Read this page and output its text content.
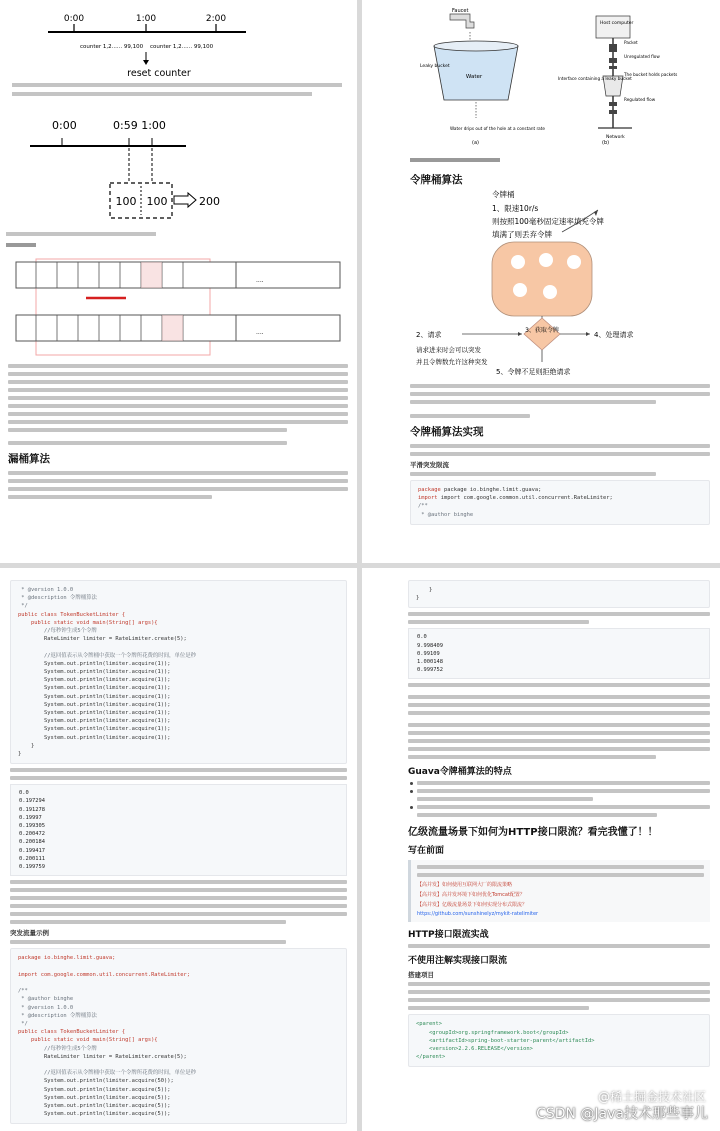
0:00	1:00	2:00
counter 1,2...... 99,100 counter 1,2...... 99,100
reset counter
0:00	0:59 1:00
100 100	200
....
....
漏桶算法
Faucet
Water
Leaky bucket
Water drips out of the hole at a constant rate
(a)
Host computer
Packet
Unregulated flow
The bucket holds packets
Regulated flow
Interface containing a leaky bucket
Network
(b)
令牌桶
1、限速10r/s
则按照100毫秒固定速率填充令牌
填满了则丢弃令牌
3、获取令牌
2、请求
请求进来时会可以突发
并且令牌数允许这种突发
4、处理请求
5、令牌不足则拒绝请求
令牌桶算法
令牌桶算法实现
平滑突发限流
package package io.binghe.limit.guava;
import import com.google.common.util.concurrent.RateLimiter;
/**
* @author binghe
* @version 1.0.0
* @description 令牌桶算法
*/
public class TokenBucketLimiter {
public static void main(String[] args){
//每秒钟生成5个令牌
RateLimiter limiter = RateLimiter.create(5);

//返回值表示从令牌桶中获取一个令牌所花费的时间，单位是秒
System.out.println(limiter.acquire(1));
System.out.println(limiter.acquire(1));
System.out.println(limiter.acquire(1));
System.out.println(limiter.acquire(1));
System.out.println(limiter.acquire(1));
System.out.println(limiter.acquire(1));
System.out.println(limiter.acquire(1));
System.out.println(limiter.acquire(1));
System.out.println(limiter.acquire(1));
System.out.println(limiter.acquire(1));
}
}
0.0
0.197294
0.191278
0.19997
0.199305
0.200472
0.200184
0.199417
0.200111
0.199759
突发流量示例
package io.binghe.limit.guava;

import com.google.common.util.concurrent.RateLimiter;

/**
* @author binghe
* @version 1.0.0
* @description 令牌桶算法
*/
public class TokenBucketLimiter {
public static void main(String[] args){
//每秒钟生成5个令牌
RateLimiter limiter = RateLimiter.create(5);

//返回值表示从令牌桶中获取一个令牌所花费的时间，单位是秒
System.out.println(limiter.acquire(50));
System.out.println(limiter.acquire(5));
System.out.println(limiter.acquire(5));
System.out.println(limiter.acquire(5));
System.out.println(limiter.acquire(5));
}
}
0.0
9.998409
0.99109
1.000148
0.999752
Guava令牌桶算法的特点
亿级流量场景下如何为HTTP接口限流？看完我懂了！！
写在前面
【高并发】如何使用互联网大厂的限流策略
【高并发】高并发环境下如何优化Tomcat配置？
【高并发】亿级流量场景下如何实现分布式限流？
https://github.com/sunshinelyz/mykit-ratelimiter
HTTP接口限流实战
不使用注解实现接口限流
搭建项目
<parent>
<groupId>org.springframework.boot</groupId>
<artifactId>spring-boot-starter-parent</artifactId>
<version>2.2.6.RELEASE</version>
</parent>
@稀土掘金技术社区
CSDN @Java技术那些事儿
